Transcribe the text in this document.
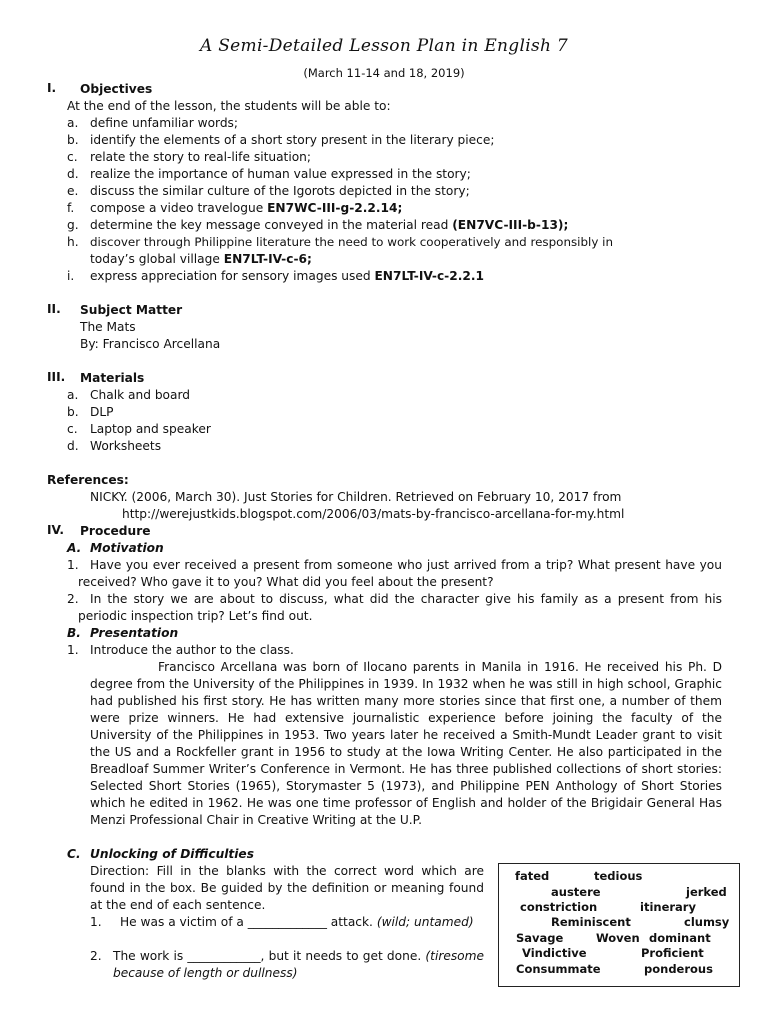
A Semi-Detailed Lesson Plan in English 7
(March 11-14 and 18, 2019)
I. Objectives
At the end of the lesson, the students will be able to:
a. define unfamiliar words;
b. identify the elements of a short story present in the literary piece;
c. relate the story to real-life situation;
d. realize the importance of human value expressed in the story;
e. discuss the similar culture of the Igorots depicted in the story;
f. compose a video travelogue EN7WC-III-g-2.2.14;
g. determine the key message conveyed in the material read (EN7VC-III-b-13);
h. discover through Philippine literature the need to work cooperatively and responsibly in
today’s global village EN7LT-IV-c-6;
i. express appreciation for sensory images used EN7LT-IV-c-2.2.1
II. Subject Matter
The Mats
By: Francisco Arcellana
III. Materials
a. Chalk and board
b. DLP
c. Laptop and speaker
d. Worksheets
References:
NICKY. (2006, March 30). Just Stories for Children. Retrieved on February 10, 2017 from
http://werejustkids.blogspot.com/2006/03/mats-by-francisco-arcellana-for-my.html
IV. Procedure
A. Motivation
1. Have you ever received a present from someone who just arrived from a trip? What present have you received? Who gave it to you? What did you feel about the present?
2. In the story we are about to discuss, what did the character give his family as a present from his periodic inspection trip? Let’s find out.
B. Presentation
1. Introduce the author to the class.
Francisco Arcellana was born of Ilocano parents in Manila in 1916. He received his Ph. D degree from the University of the Philippines in 1939. In 1932 when he was still in high school, Graphic had published his first story. He has written many more stories since that first one, a number of them were prize winners. He had extensive journalistic experience before joining the faculty of the University of the Philippines in 1953. Two years later he received a Smith-Mundt Leader grant to visit the US and a Rockfeller grant in 1956 to study at the Iowa Writing Center. He also participated in the Breadloaf Summer Writer’s Conference in Vermont. He has three published collections of short stories: Selected Short Stories (1965), Storymaster 5 (1973), and Philippine PEN Anthology of Short Stories which he edited in 1962. He was one time professor of English and holder of the Brigidair General Has Menzi Professional Chair in Creative Writing at the U.P.
C. Unlocking of Difficulties
Direction: Fill in the blanks with the correct word which are found in the box. Be guided by the definition or meaning found at the end of each sentence.
1. He was a victim of a _____________ attack. (wild; untamed)
2. The work is ____________, but it needs to get done. (tiresome because of length or dullness)
fated	tedious
austere	jerked
constriction	itinerary
Reminiscent	clumsy
Savage	Woven dominant
Vindictive	Proficient
Consummate	ponderous
